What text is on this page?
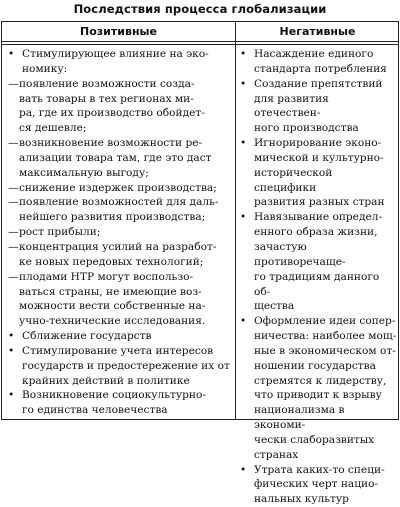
Последствия процесса глобализации
Позитивные	Негативные
• Стимулирующее влияние на эко-
номику:
— появление возможности созда-
вать товары в тех регионах ми-
ра, где их производство обойдет-
ся дешевле;
— возникновение возможности ре-
ализации товара там, где это даст
максимальную выгоду;
— снижение издержек производства;
— появление возможностей для даль-
нейшего развития производства;
— рост прибыли;
— концентрация усилий на разработ-
ке новых передовых технологий;
— плодами НТР могут воспользо-
ваться страны, не имеющие воз-
можности вести собственные на-
учно-технические исследования.
• Сближение государств
• Стимулирование учета интересов
государств и предостережение их от
крайних действий в политике
• Возникновение социокультурно-
го единства человечества
• Насаждение единого
стандарта потребления
• Создание препятствий
для развития отечествен-
ного производства
• Игнорирование эконо-
мической и культурно-
исторической специфики
развития разных стран
• Навязывание определ-
енного образа жизни,
зачастую противоречаще-
го традициям данного об-
щества
• Оформление идеи сопер-
ничества: наиболее мощ-
ные в экономическом от-
ношении государства
стремятся к лидерству,
что приводит к взрыву
национализма в экономи-
чески слаборазвитых
странах
• Утрата каких-то специ-
фических черт нацио-
нальных культур
